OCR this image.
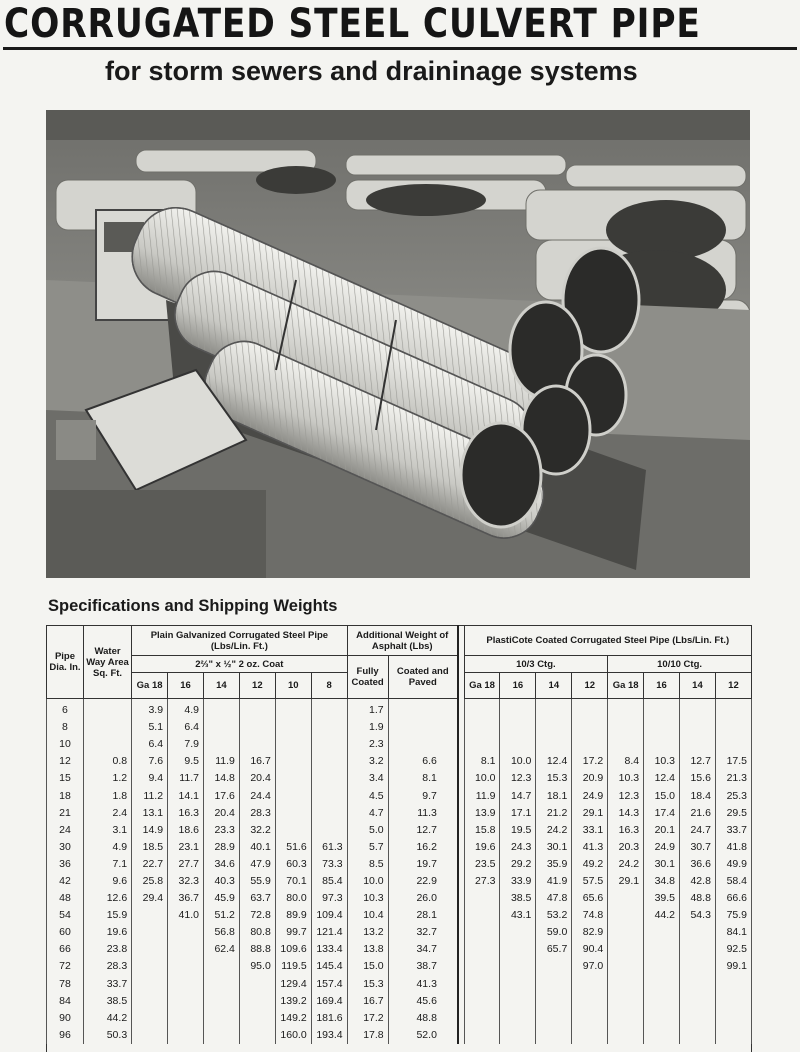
CORRUGATED STEEL CULVERT PIPE
for storm sewers and draininage systems
Specifications and Shipping Weights
Pipe Dia. In.	Water Way Area Sq. Ft.	Plain Galvanized Corrugated Steel Pipe (Lbs/Lin. Ft.)						Additional Weight of Asphalt (Lbs)			PlastiCote Coated Corrugated Steel Pipe (Lbs/Lin. Ft.)							
		2⅔" x ½" 2 oz. Coat						Fully Coated	Coated and Paved		10/3 Ctg.				10/10 Ctg.			
		Ga 18	16	14	12	10	8				Ga 18	16	14	12	Ga 18	16	14	12
6		3.9	4.9					1.7										
8		5.1	6.4					1.9										
10		6.4	7.9					2.3										
12	0.8	7.6	9.5	11.9	16.7			3.2	6.6		8.1	10.0	12.4	17.2	8.4	10.3	12.7	17.5
15	1.2	9.4	11.7	14.8	20.4			3.4	8.1		10.0	12.3	15.3	20.9	10.3	12.4	15.6	21.3
18	1.8	11.2	14.1	17.6	24.4			4.5	9.7		11.9	14.7	18.1	24.9	12.3	15.0	18.4	25.3
21	2.4	13.1	16.3	20.4	28.3			4.7	11.3		13.9	17.1	21.2	29.1	14.3	17.4	21.6	29.5
24	3.1	14.9	18.6	23.3	32.2			5.0	12.7		15.8	19.5	24.2	33.1	16.3	20.1	24.7	33.7
30	4.9	18.5	23.1	28.9	40.1	51.6	61.3	5.7	16.2		19.6	24.3	30.1	41.3	20.3	24.9	30.7	41.8
36	7.1	22.7	27.7	34.6	47.9	60.3	73.3	8.5	19.7		23.5	29.2	35.9	49.2	24.2	30.1	36.6	49.9
42	9.6	25.8	32.3	40.3	55.9	70.1	85.4	10.0	22.9		27.3	33.9	41.9	57.5	29.1	34.8	42.8	58.4
48	12.6	29.4	36.7	45.9	63.7	80.0	97.3	10.3	26.0			38.5	47.8	65.6		39.5	48.8	66.6
54	15.9		41.0	51.2	72.8	89.9	109.4	10.4	28.1			43.1	53.2	74.8		44.2	54.3	75.9
60	19.6			56.8	80.8	99.7	121.4	13.2	32.7				59.0	82.9				84.1
66	23.8			62.4	88.8	109.6	133.4	13.8	34.7				65.7	90.4				92.5
72	28.3				95.0	119.5	145.4	15.0	38.7					97.0				99.1
78	33.7					129.4	157.4	15.3	41.3									
84	38.5					139.2	169.4	16.7	45.6									
90	44.2					149.2	181.6	17.2	48.8									
96	50.3					160.0	193.4	17.8	52.0									
